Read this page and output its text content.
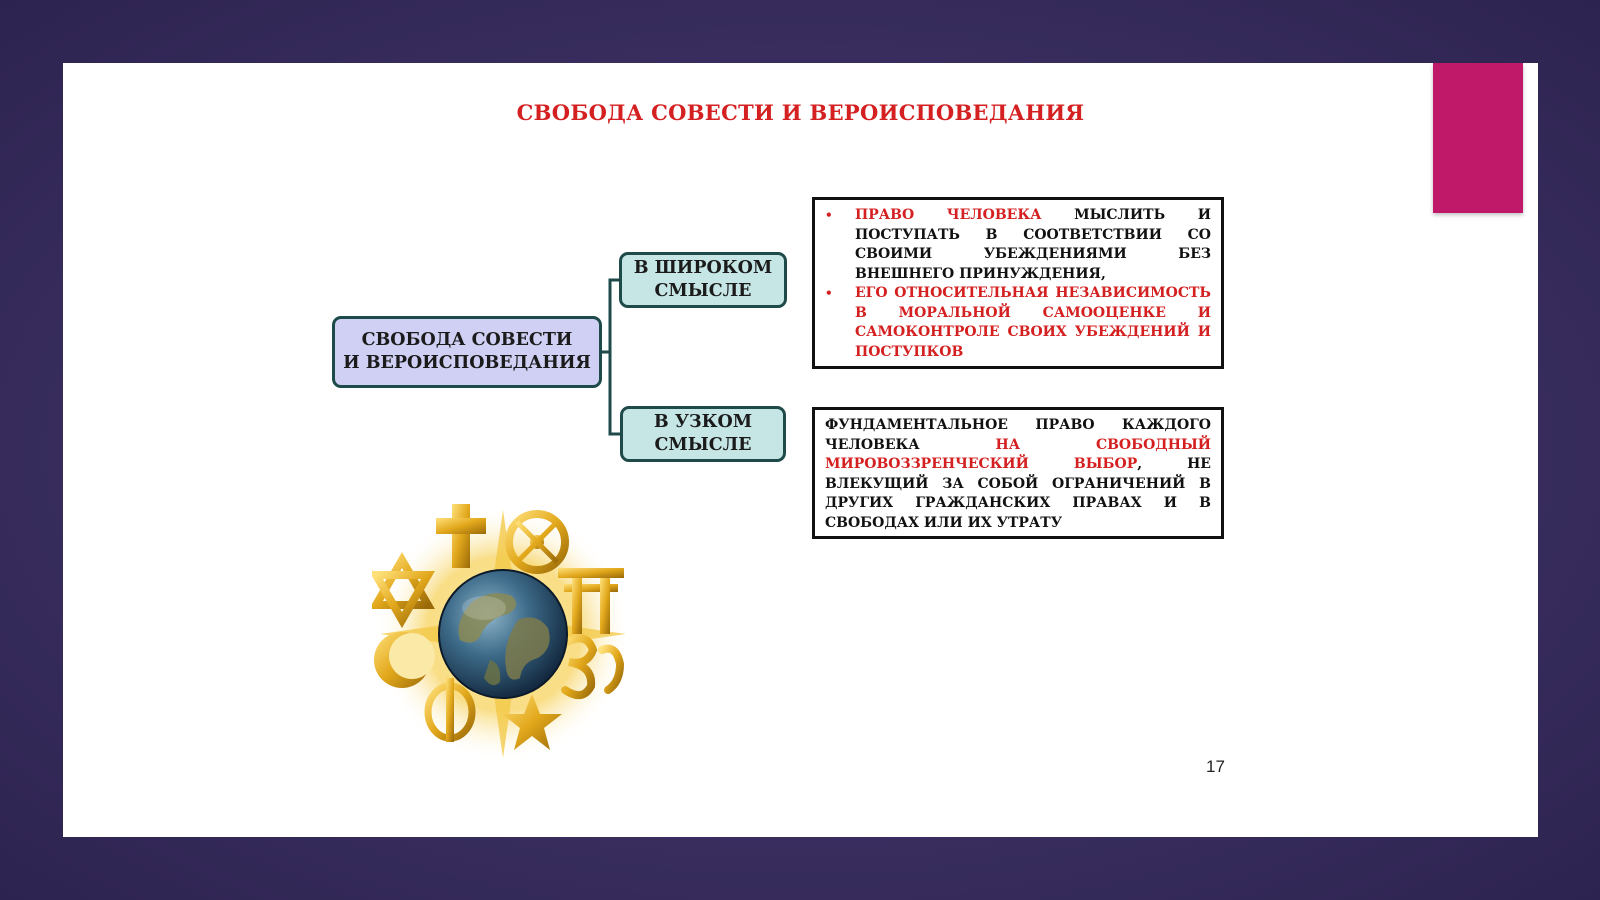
СВОБОДА СОВЕСТИ И ВЕРОИСПОВЕДАНИЯ
СВОБОДА СОВЕСТИ
И ВЕРОИСПОВЕДАНИЯ
В ШИРОКОМ
СМЫСЛЕ
В УЗКОМ
СМЫСЛЕ
• ПРАВО ЧЕЛОВЕКА МЫСЛИТЬ И ПОСТУПАТЬ В СООТВЕТСТВИИ СО СВОИМИ УБЕЖДЕНИЯМИ БЕЗ ВНЕШНЕГО ПРИНУЖДЕНИЯ,
• ЕГО ОТНОСИТЕЛЬНАЯ НЕЗАВИСИМОСТЬ В МОРАЛЬНОЙ САМООЦЕНКЕ И САМОКОНТРОЛЕ СВОИХ УБЕЖДЕНИЙ И ПОСТУПКОВ
ФУНДАМЕНТАЛЬНОЕ ПРАВО КАЖДОГО ЧЕЛОВЕКА НА СВОБОДНЫЙ МИРОВОЗЗРЕНЧЕСКИЙ ВЫБОР, НЕ ВЛЕКУЩИЙ ЗА СОБОЙ ОГРАНИЧЕНИЙ В ДРУГИХ ГРАЖДАНСКИХ ПРАВАХ И В СВОБОДАХ ИЛИ ИХ УТРАТУ
17
